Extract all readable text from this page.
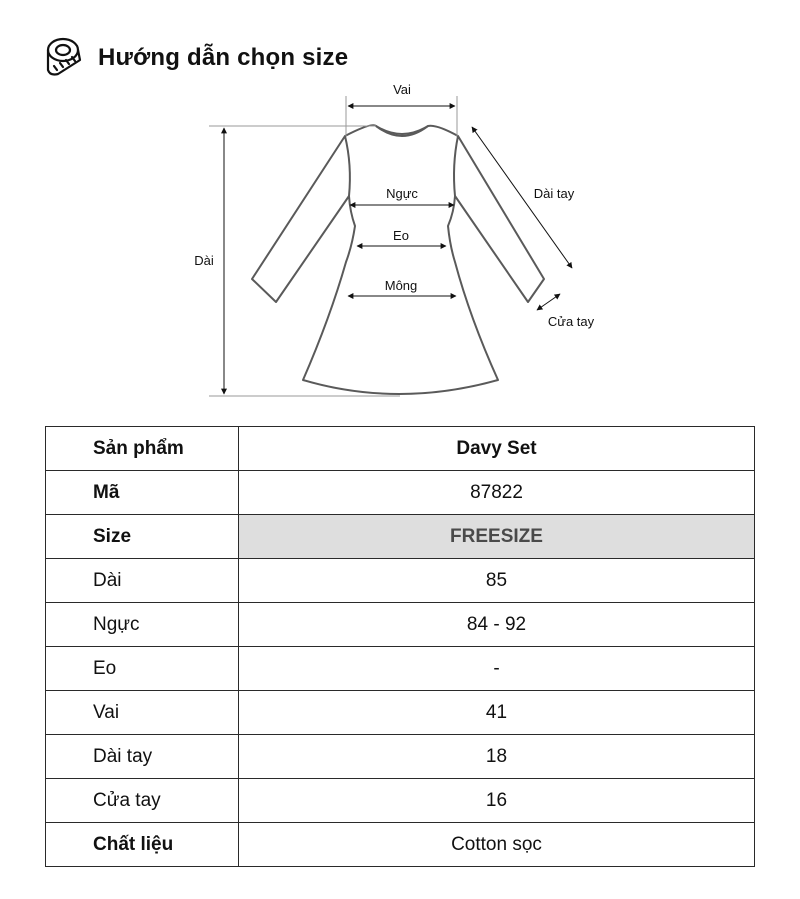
Hướng dẫn chọn size
Vai
Dài
Ngực
Eo
Mông
Dài tay
Cửa tay
Sản phẩm	Davy Set
Mã	87822
Size	FREESIZE
Dài	85
Ngực	84 - 92
Eo	-
Vai	41
Dài tay	18
Cửa tay	16
Chất liệu	Cotton sọc
